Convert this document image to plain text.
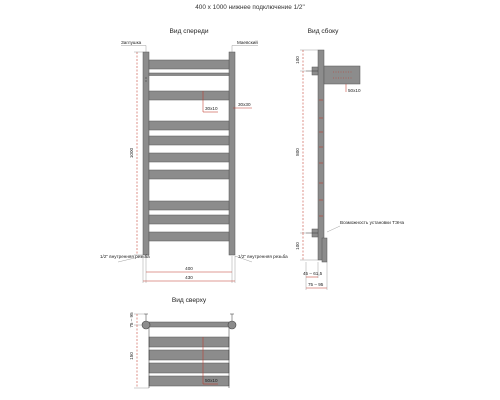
400 х 1000 нижнее подключение 1/2"
Вид спереди
Заглушка	Маевский
1000
30х10
30х30
1/2" внутренняя резьба	1/2" внутренняя резьба
400
430
Вид сбоку
50х10
Возможность установки ТЭНа
100
800
100
45 – 61,5
75 – 95
Вид сверху
75 – 95
150
50х10
